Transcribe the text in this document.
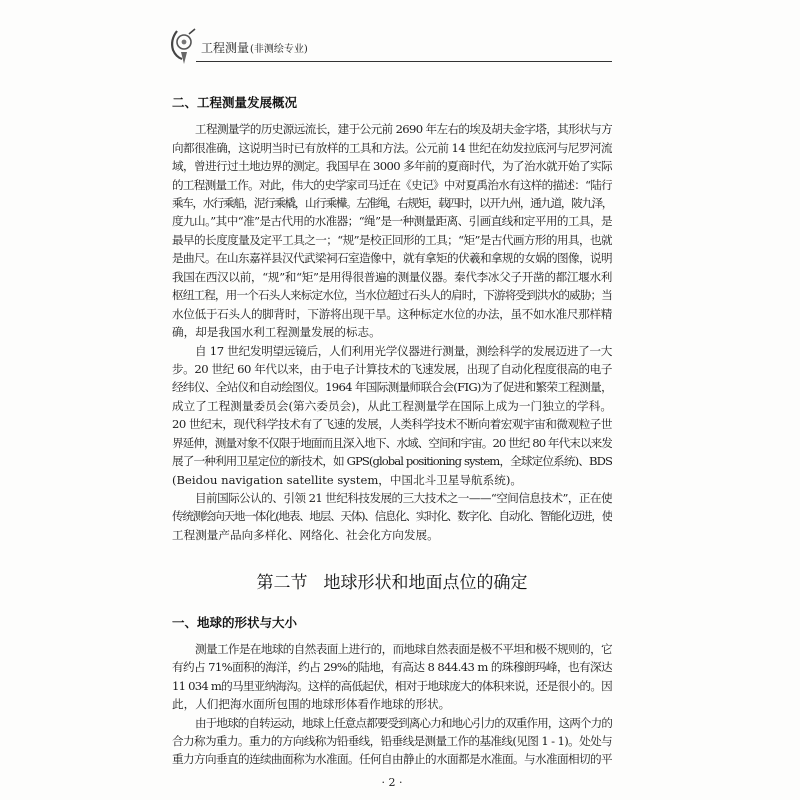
工程测量(非测绘专业)
二、工程测量发展概况
工程测量学的历史源远流长，建于公元前 2690 年左右的埃及胡夫金字塔，其形状与方
向都很准确，这说明当时已有放样的工具和方法。公元前 14 世纪在幼发拉底河与尼罗河流
域，曾进行过土地边界的测定。我国早在 3000 多年前的夏商时代，为了治水就开始了实际
的工程测量工作。对此，伟大的史学家司马迁在《史记》中对夏禹治水有这样的描述：“陆行
乘车，水行乘船，泥行乘橇，山行乘檋。左准绳，右规矩，载四时，以开九州，通九道，陂九泽，
度九山。”其中“准”是古代用的水准器；“绳”是一种测量距离、引画直线和定平用的工具，是
最早的长度度量及定平工具之一；“规”是校正回形的工具；“矩”是古代画方形的用具，也就
是曲尺。在山东嘉祥县汉代武梁祠石室造像中，就有拿矩的伏羲和拿规的女娲的图像，说明
我国在西汉以前，“规”和“矩”是用得很普遍的测量仪器。秦代李冰父子开凿的都江堰水利
枢纽工程，用一个石头人来标定水位，当水位超过石头人的肩时，下游将受到洪水的威胁；当
水位低于石头人的脚背时，下游将出现干旱。这种标定水位的办法，虽不如水准尺那样精
确，却是我国水利工程测量发展的标志。
自 17 世纪发明望远镜后，人们利用光学仪器进行测量，测绘科学的发展迈进了一大
步。20 世纪 60 年代以来，由于电子计算技术的飞速发展，出现了自动化程度很高的电子
经纬仪、全站仪和自动绘图仪。1964 年国际测量师联合会(FIG)为了促进和繁荣工程测量，
成立了工程测量委员会(第六委员会)，从此工程测量学在国际上成为一门独立的学科。
20 世纪末，现代科学技术有了飞速的发展，人类科学技术不断向着宏观宇宙和微观粒子世
界延伸，测量对象不仅限于地面而且深入地下、水域、空间和宇宙。20 世纪 80 年代末以来发
展了一种利用卫星定位的新技术，如 GPS(global positioning system，全球定位系统)、BDS
(Beidou navigation satellite system，中国北斗卫星导航系统)。
目前国际公认的、引领 21 世纪科技发展的三大技术之一——“空间信息技术”，正在使
传统测绘向天地一体化(地表、地层、天体)、信息化、实时化、数字化、自动化、智能化迈进，使
工程测量产品向多样化、网络化、社会化方向发展。
第二节 地球形状和地面点位的确定
一、地球的形状与大小
测量工作是在地球的自然表面上进行的，而地球自然表面是极不平坦和极不规则的，它
有约占 71%面积的海洋，约占 29%的陆地，有高达 8 844.43 m 的珠穆朗玛峰，也有深达
11 034 m的马里亚纳海沟。这样的高低起伏，相对于地球庞大的体积来说，还是很小的。因
此，人们把海水面所包围的地球形体看作地球的形状。
由于地球的自转运动，地球上任意点都要受到离心力和地心引力的双重作用，这两个力的
合力称为重力。重力的方向线称为铅垂线，铅垂线是测量工作的基准线(见图 1 - 1)。处处与
重力方向垂直的连续曲面称为水准面。任何自由静止的水面都是水准面。与水准面相切的平
· 2 ·
